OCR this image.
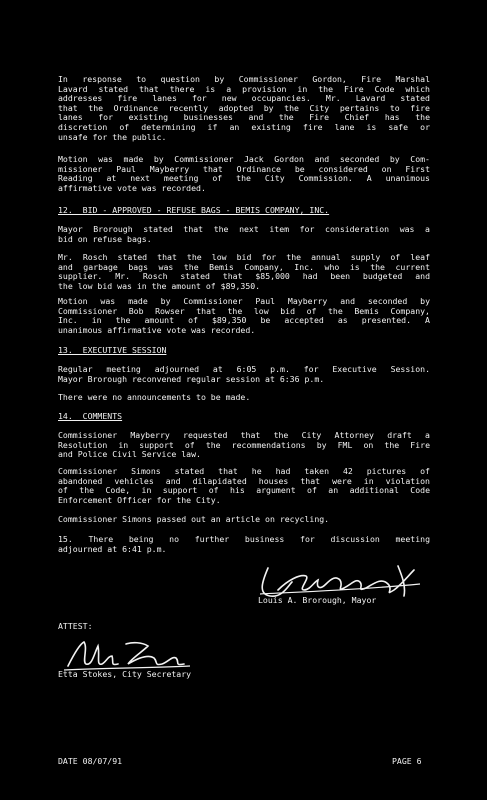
In response to question by Commissioner Gordon, Fire Marshal
Lavard stated that there is a provision in the Fire Code which
addresses fire lanes for new occupancies. Mr. Lavard stated
that the Ordinance recently adopted by the City pertains to fire
lanes for existing businesses and the Fire Chief has the
discretion of determining if an existing fire lane is safe or
unsafe for the public.
Motion was made by Commissioner Jack Gordon and seconded by Com-
missioner Paul Mayberry that Ordinance be considered on First
Reading at next meeting of the City Commission. A unanimous
affirmative vote was recorded.
12.  BID - APPROVED - REFUSE BAGS - BEMIS COMPANY, INC.
Mayor Brorough stated that the next item for consideration was a
bid on refuse bags.
Mr. Rosch stated that the low bid for the annual supply of leaf
and garbage bags was the Bemis Company, Inc. who is the current
supplier. Mr. Rosch stated that $85,000 had been budgeted and
the low bid was in the amount of $89,350.
Motion was made by Commissioner Paul Mayberry and seconded by
Commissioner Bob Rowser that the low bid of the Bemis Company,
Inc. in the amount of $89,350 be accepted as presented. A
unanimous affirmative vote was recorded.
13.  EXECUTIVE SESSION
Regular meeting adjourned at 6:05 p.m. for Executive Session.
Mayor Brorough reconvened regular session at 6:36 p.m.
There were no announcements to be made.
14.  COMMENTS
Commissioner Mayberry requested that the City Attorney draft a
Resolution in support of the recommendations by FML on the Fire
and Police Civil Service law.
Commissioner Simons stated that he had taken 42 pictures of
abandoned vehicles and dilapidated houses that were in violation
of the Code, in support of his argument of an additional Code
Enforcement Officer for the City.
Commissioner Simons passed out an article on recycling.
15. There being no further business for discussion meeting
adjourned at 6:41 p.m.
Louis A. Brorough, Mayor
ATTEST:
Etta Stokes, City Secretary
DATE 08/07/91	PAGE 6
